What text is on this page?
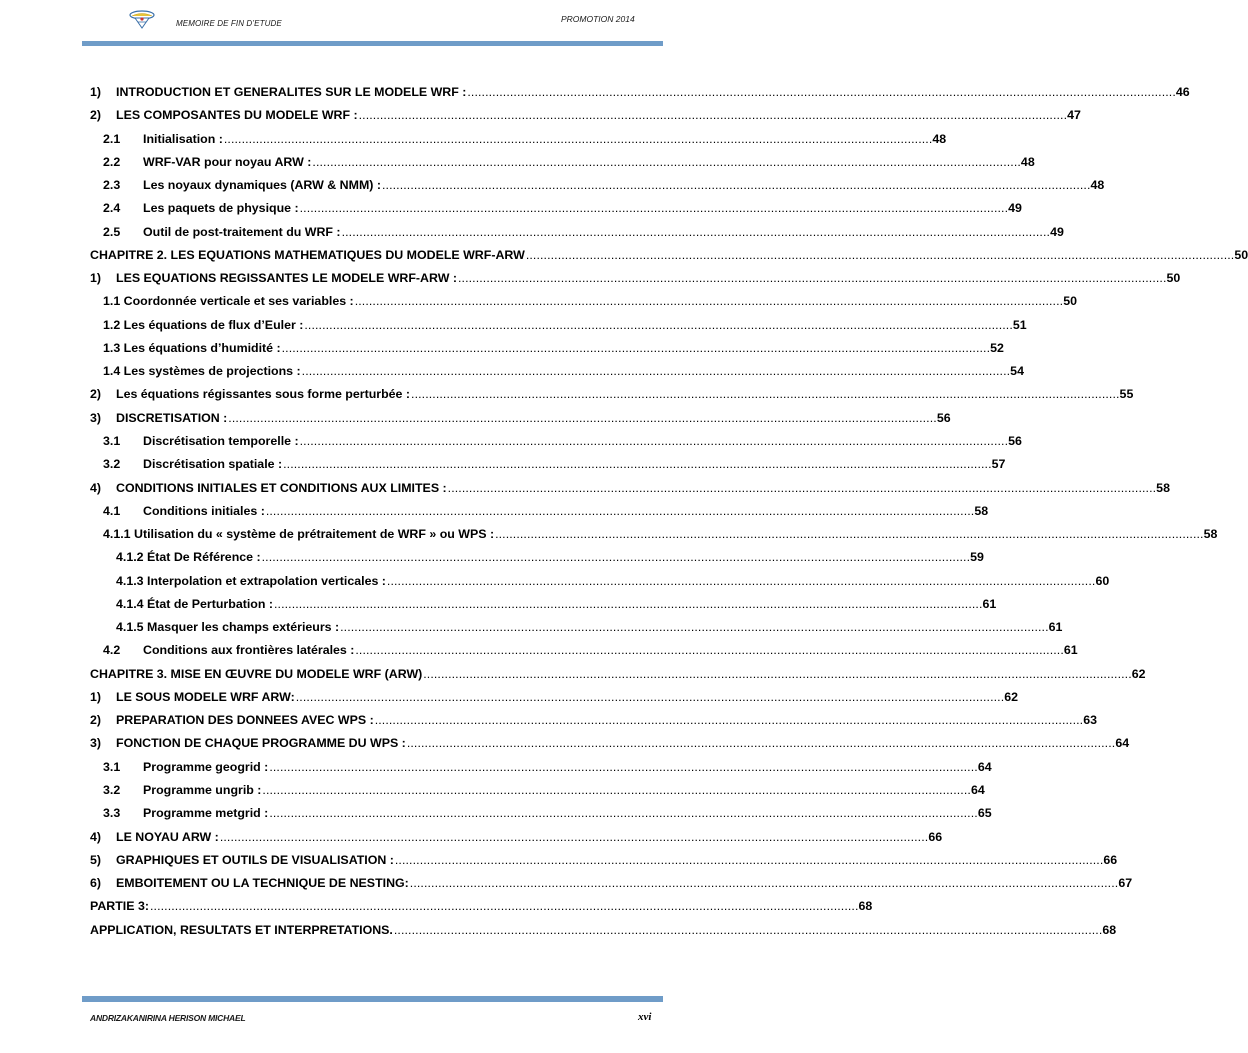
MEMOIRE DE FIN D’ETUDE	PROMOTION 2014
1)	INTRODUCTION ET GENERALITES SUR LE MODELE WRF : ........................................................................................................................................................................................................ 46
2)	LES COMPOSANTES DU MODELE WRF : ........................................................................................................................................................................................................ 47
2.1	Initialisation : ........................................................................................................................................................................................................ 48
2.2	WRF-VAR pour noyau ARW : ........................................................................................................................................................................................................ 48
2.3	Les noyaux dynamiques (ARW & NMM) : ........................................................................................................................................................................................................ 48
2.4	Les paquets de physique : ........................................................................................................................................................................................................ 49
2.5	Outil de post-traitement du WRF : ........................................................................................................................................................................................................ 49
CHAPITRE 2. LES EQUATIONS MATHEMATIQUES DU MODELE WRF-ARW ........................................................................................................................................................................................................ 50
1)	LES EQUATIONS REGISSANTES LE MODELE WRF-ARW : ........................................................................................................................................................................................................ 50
1.1 Coordonnée verticale et ses variables : ........................................................................................................................................................................................................ 50
1.2 Les équations de flux d’Euler : ........................................................................................................................................................................................................ 51
1.3 Les équations d’humidité : ........................................................................................................................................................................................................ 52
1.4 Les systèmes de projections : ........................................................................................................................................................................................................ 54
2)	Les équations régissantes sous forme perturbée : ........................................................................................................................................................................................................ 55
3)	DISCRETISATION : ........................................................................................................................................................................................................ 56
3.1	Discrétisation temporelle : ........................................................................................................................................................................................................ 56
3.2	Discrétisation spatiale : ........................................................................................................................................................................................................ 57
4)	CONDITIONS INITIALES ET CONDITIONS AUX LIMITES : ........................................................................................................................................................................................................ 58
4.1	Conditions initiales : ........................................................................................................................................................................................................ 58
4.1.1 Utilisation du « système de prétraitement de WRF » ou WPS : ........................................................................................................................................................................................................ 58
4.1.2 État De Référence : ........................................................................................................................................................................................................ 59
4.1.3 Interpolation et extrapolation verticales : ........................................................................................................................................................................................................ 60
4.1.4 État de Perturbation : ........................................................................................................................................................................................................ 61
4.1.5 Masquer les champs extérieurs : ........................................................................................................................................................................................................ 61
4.2	Conditions aux frontières latérales : ........................................................................................................................................................................................................ 61
CHAPITRE 3. MISE EN ŒUVRE DU MODELE WRF (ARW) ........................................................................................................................................................................................................ 62
1)	LE SOUS MODELE WRF ARW: ........................................................................................................................................................................................................ 62
2)	PREPARATION DES DONNEES AVEC WPS : ........................................................................................................................................................................................................ 63
3)	FONCTION DE CHAQUE PROGRAMME DU WPS : ........................................................................................................................................................................................................ 64
3.1	Programme geogrid : ........................................................................................................................................................................................................ 64
3.2	Programme ungrib : ........................................................................................................................................................................................................ 64
3.3	Programme metgrid : ........................................................................................................................................................................................................ 65
4)	LE NOYAU ARW : ........................................................................................................................................................................................................ 66
5)	GRAPHIQUES ET OUTILS DE VISUALISATION : ........................................................................................................................................................................................................ 66
6)	EMBOITEMENT OU LA TECHNIQUE DE NESTING: ........................................................................................................................................................................................................ 67
PARTIE 3: ........................................................................................................................................................................................................ 68
APPLICATION, RESULTATS ET INTERPRETATIONS. ........................................................................................................................................................................................................ 68
ANDRIZAKANIRINA HERISON MICHAEL	xvi
